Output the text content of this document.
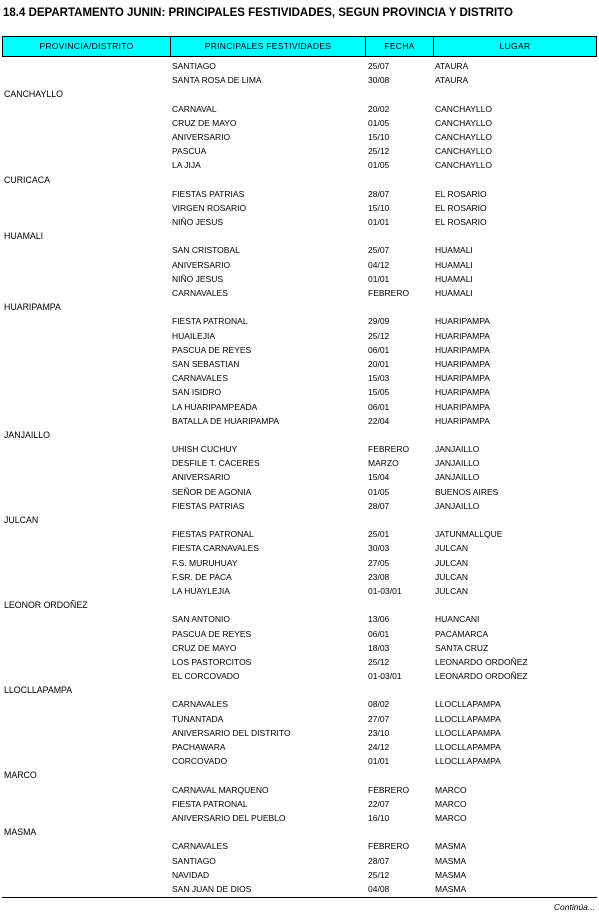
18.4 DEPARTAMENTO JUNIN: PRINCIPALES FESTIVIDADES, SEGUN PROVINCIA Y DISTRITO
PROVINCIA/DISTRITO	PRINCIPALES FESTIVIDADES	FECHA	LUGAR
SANTIAGO	25/07	ATAURA
SANTA ROSA DE LIMA	30/08	ATAURA
CANCHAYLLO
CARNAVAL	20/02	CANCHAYLLO
CRUZ DE MAYO	01/05	CANCHAYLLO
ANIVERSARIO	15/10	CANCHAYLLO
PASCUA	25/12	CANCHAYLLO
LA JIJA	01/05	CANCHAYLLO
CURICACA
FIESTAS PATRIAS	28/07	EL ROSARIO
VIRGEN ROSARIO	15/10	EL ROSARIO
NIÑO JESUS	01/01	EL ROSARIO
HUAMALI
SAN CRISTOBAL	25/07	HUAMALI
ANIVERSARIO	04/12	HUAMALI
NIÑO JESUS	01/01	HUAMALI
CARNAVALES	FEBRERO	HUAMALI
HUARIPAMPA
FIESTA PATRONAL	29/09	HUARIPAMPA
HUAILEJIA	25/12	HUARIPAMPA
PASCUA DE REYES	06/01	HUARIPAMPA
SAN SEBASTIAN	20/01	HUARIPAMPA
CARNAVALES	15/03	HUARIPAMPA
SAN ISIDRO	15/05	HUARIPAMPA
LA HUARIPAMPEADA	06/01	HUARIPAMPA
BATALLA DE HUARIPAMPA	22/04	HUARIPAMPA
JANJAILLO
UHISH CUCHUY	FEBRERO	JANJAILLO
DESFILE T. CACERES	MARZO	JANJAILLO
ANIVERSARIO	15/04	JANJAILLO
SEÑOR DE AGONIA	01/05	BUENOS AIRES
FIESTAS PATRIAS	28/07	JANJAILLO
JULCAN
FIESTAS PATRONAL	25/01	JATUNMALLQUE
FIESTA CARNAVALES	30/03	JULCAN
F.S. MURUHUAY	27/05	JULCAN
F.SR. DE PACA	23/08	JULCAN
LA HUAYLEJIA	01-03/01	JULCAN
LEONOR ORDOÑEZ
SAN ANTONIO	13/06	HUANCANI
PASCUA DE REYES	06/01	PACAMARCA
CRUZ DE MAYO	18/03	SANTA CRUZ
LOS PASTORCITOS	25/12	LEONARDO ORDOÑEZ
EL CORCOVADO	01-03/01	LEONARDO ORDOÑEZ
LLOCLLAPAMPA
CARNAVALES	08/02	LLOCLLAPAMPA
TUNANTADA	27/07	LLOCLLAPAMPA
ANIVERSARIO DEL DISTRITO	23/10	LLOCLLAPAMPA
PACHAWARA	24/12	LLOCLLAPAMPA
CORCOVADO	01/01	LLOCLLAPAMPA
MARCO
CARNAVAL MARQUENO	FEBRERO	MARCO
FIESTA PATRONAL	22/07	MARCO
ANIVERSARIO DEL PUEBLO	16/10	MARCO
MASMA
CARNAVALES	FEBRERO	MASMA
SANTIAGO	28/07	MASMA
NAVIDAD	25/12	MASMA
SAN JUAN DE DIOS	04/08	MASMA
Continúa...
